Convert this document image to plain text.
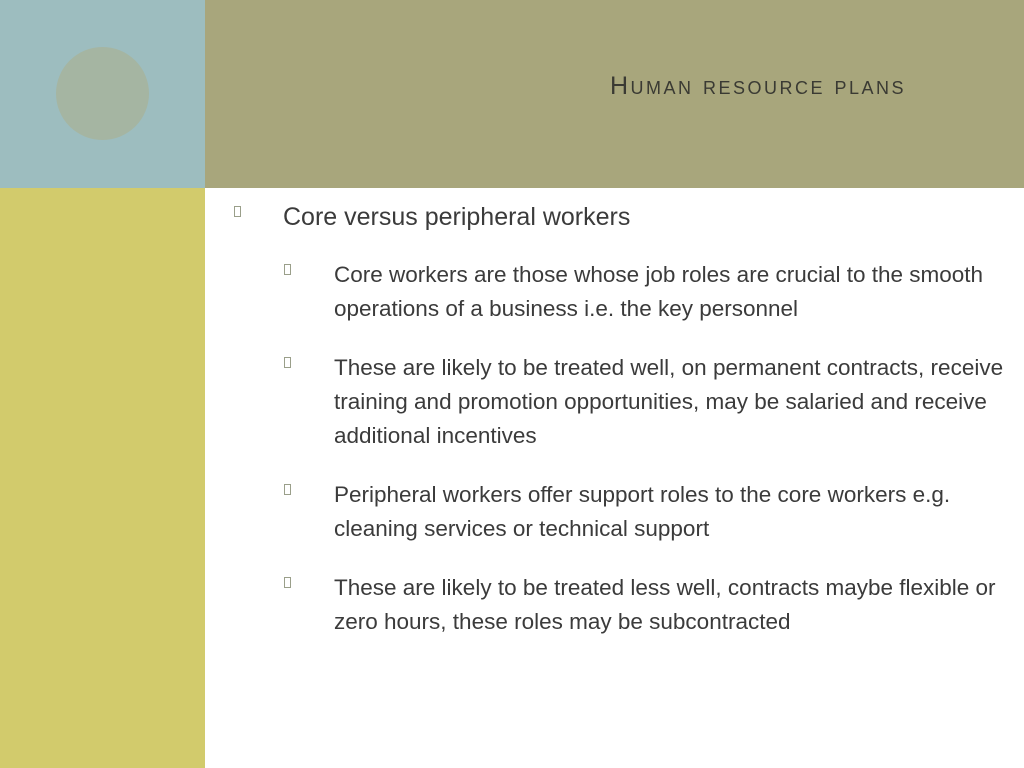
Human resource plans

Core versus peripheral workers

Core workers are those whose job roles are crucial to the smooth operations of a business i.e. the key personnel

These are likely to be treated well, on permanent contracts, receive training and promotion opportunities, may be salaried and receive additional incentives

Peripheral workers offer support roles to the core workers e.g. cleaning services or technical support

These are likely to be treated less well, contracts maybe flexible or zero hours, these roles may be subcontracted
